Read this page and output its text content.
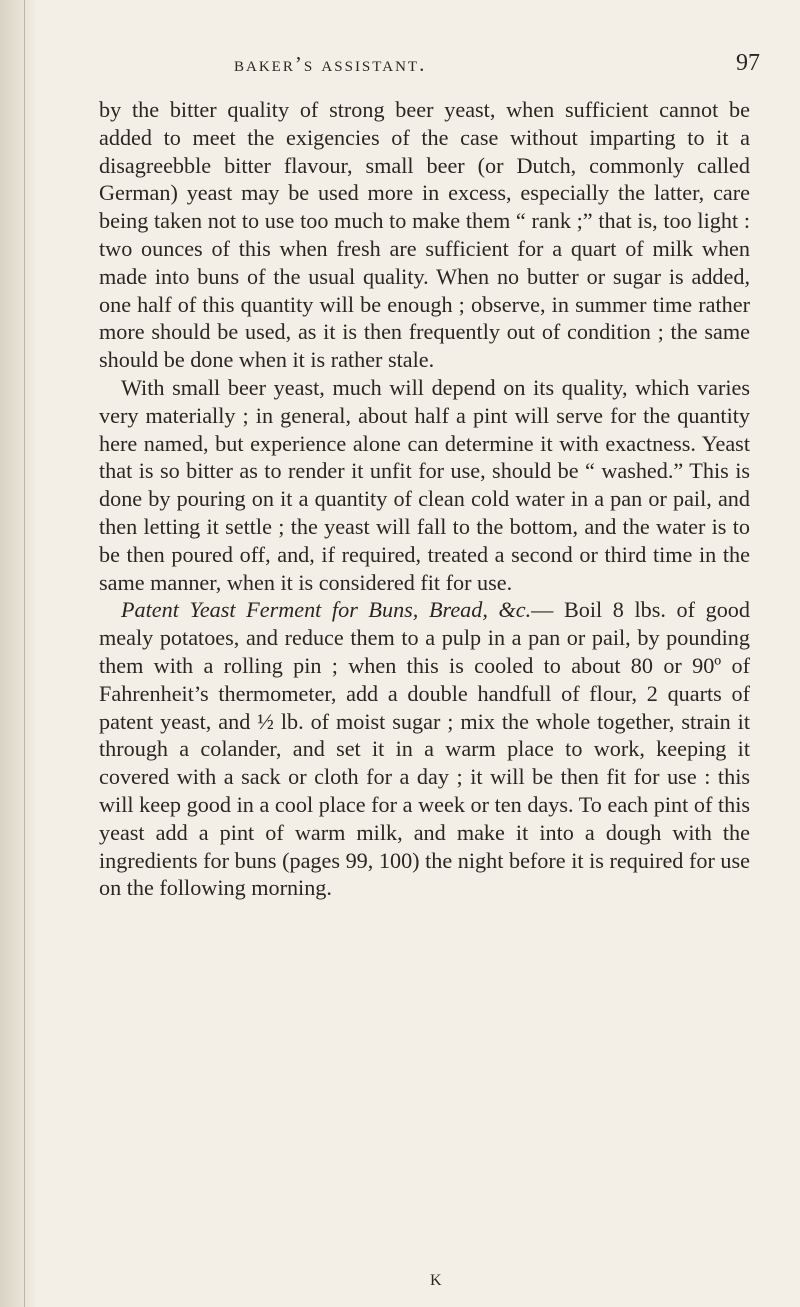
baker’s assistant.	97

by the bitter quality of strong beer yeast, when sufficient cannot be added to meet the exigencies of the case without imparting to it a disagreebble bitter flavour, small beer (or Dutch, commonly called German) yeast may be used more in excess, especially the latter, care being taken not to use too much to make them “ rank ;” that is, too light : two ounces of this when fresh are sufficient for a quart of milk when made into buns of the usual quality. When no butter or sugar is added, one half of this quantity will be enough ; observe, in summer time rather more should be used, as it is then frequently out of condition ; the same should be done when it is rather stale.

With small beer yeast, much will depend on its quality, which varies very materially ; in general, about half a pint will serve for the quantity here named, but experience alone can determine it with exactness. Yeast that is so bitter as to render it unfit for use, should be “ washed.” This is done by pouring on it a quantity of clean cold water in a pan or pail, and then letting it settle ; the yeast will fall to the bottom, and the water is to be then poured off, and, if required, treated a second or third time in the same manner, when it is considered fit for use.

Patent Yeast Ferment for Buns, Bread, &c.— Boil 8 lbs. of good mealy potatoes, and reduce them to a pulp in a pan or pail, by pounding them with a rolling pin ; when this is cooled to about 80 or 90º of Fahrenheit’s thermometer, add a double handfull of flour, 2 quarts of patent yeast, and ½ lb. of moist sugar ; mix the whole together, strain it through a colander, and set it in a warm place to work, keeping it covered with a sack or cloth for a day ; it will be then fit for use : this will keep good in a cool place for a week or ten days. To each pint of this yeast add a pint of warm milk, and make it into a dough with the ingredients for buns (pages 99, 100) the night before it is required for use on the following morning.

K
